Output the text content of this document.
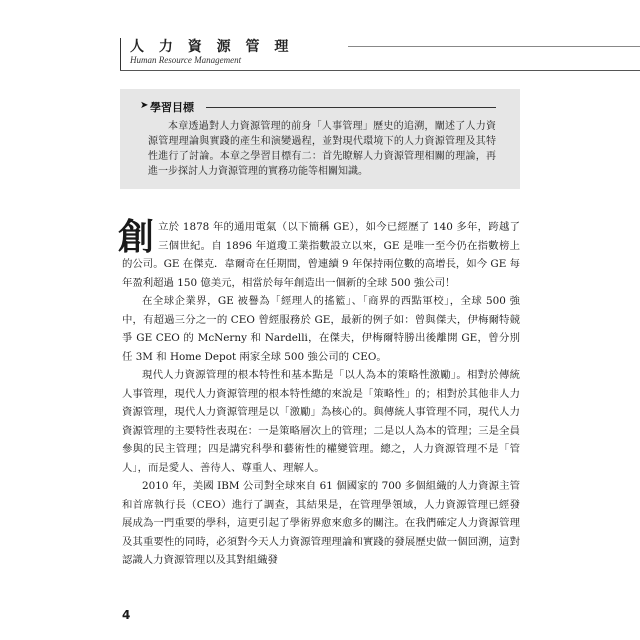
人 力 資 源 管 理
Human Resource Management
➤ 學習目標
本章透過對人力資源管理的前身「人事管理」歷史的追溯，闡述了人力資源管理理論與實踐的產生和演變過程，並對現代環境下的人力資源管理及其特性進行了討論。本章之學習目標有二：首先瞭解人力資源管理相關的理論，再進一步探討人力資源管理的實務功能等相關知識。

創立於 1878 年的通用電氣（以下簡稱 GE），如今已經歷了 140 多年，跨越了三個世紀。自 1896 年道瓊工業指數設立以來，GE 是唯一至今仍在指數榜上的公司。GE 在傑克．韋爾奇在任期間，曾連續 9 年保持兩位數的高增長，如今 GE 每年盈利超過 150 億美元，相當於每年創造出一個新的全球 500 強公司！

在全球企業界，GE 被譽為「經理人的搖籃」、「商界的西點軍校」，全球 500 強中，有超過三分之一的 CEO 曾經服務於 GE，最新的例子如：曾與傑夫，伊梅爾特競爭 GE CEO 的 McNerny 和 Nardelli，在傑夫，伊梅爾特勝出後離開 GE，曾分別任 3M 和 Home Depot 兩家全球 500 強公司的 CEO。

現代人力資源管理的根本特性和基本點是「以人為本的策略性激勵」。相對於傳統人事管理，現代人力資源管理的根本特性總的來說是「策略性」的；相對於其他非人力資源管理，現代人力資源管理是以「激勵」為核心的。與傳統人事管理不同，現代人力資源管理的主要特性表現在：一是策略層次上的管理；二是以人為本的管理；三是全員參與的民主管理；四是講究科學和藝術性的權變管理。總之，人力資源管理不是「管人」，而是愛人、善待人、尊重人、理解人。

2010 年，美國 IBM 公司對全球來自 61 個國家的 700 多個組織的人力資源主管和首席執行長（CEO）進行了調查，其結果是，在管理學領域，人力資源管理已經發展成為一門重要的學科，這更引起了學術界愈來愈多的關注。在我們確定人力資源管理及其重要性的同時，必須對今天人力資源管理理論和實踐的發展歷史做一個回溯，這對認識人力資源管理以及其對組織發

4
